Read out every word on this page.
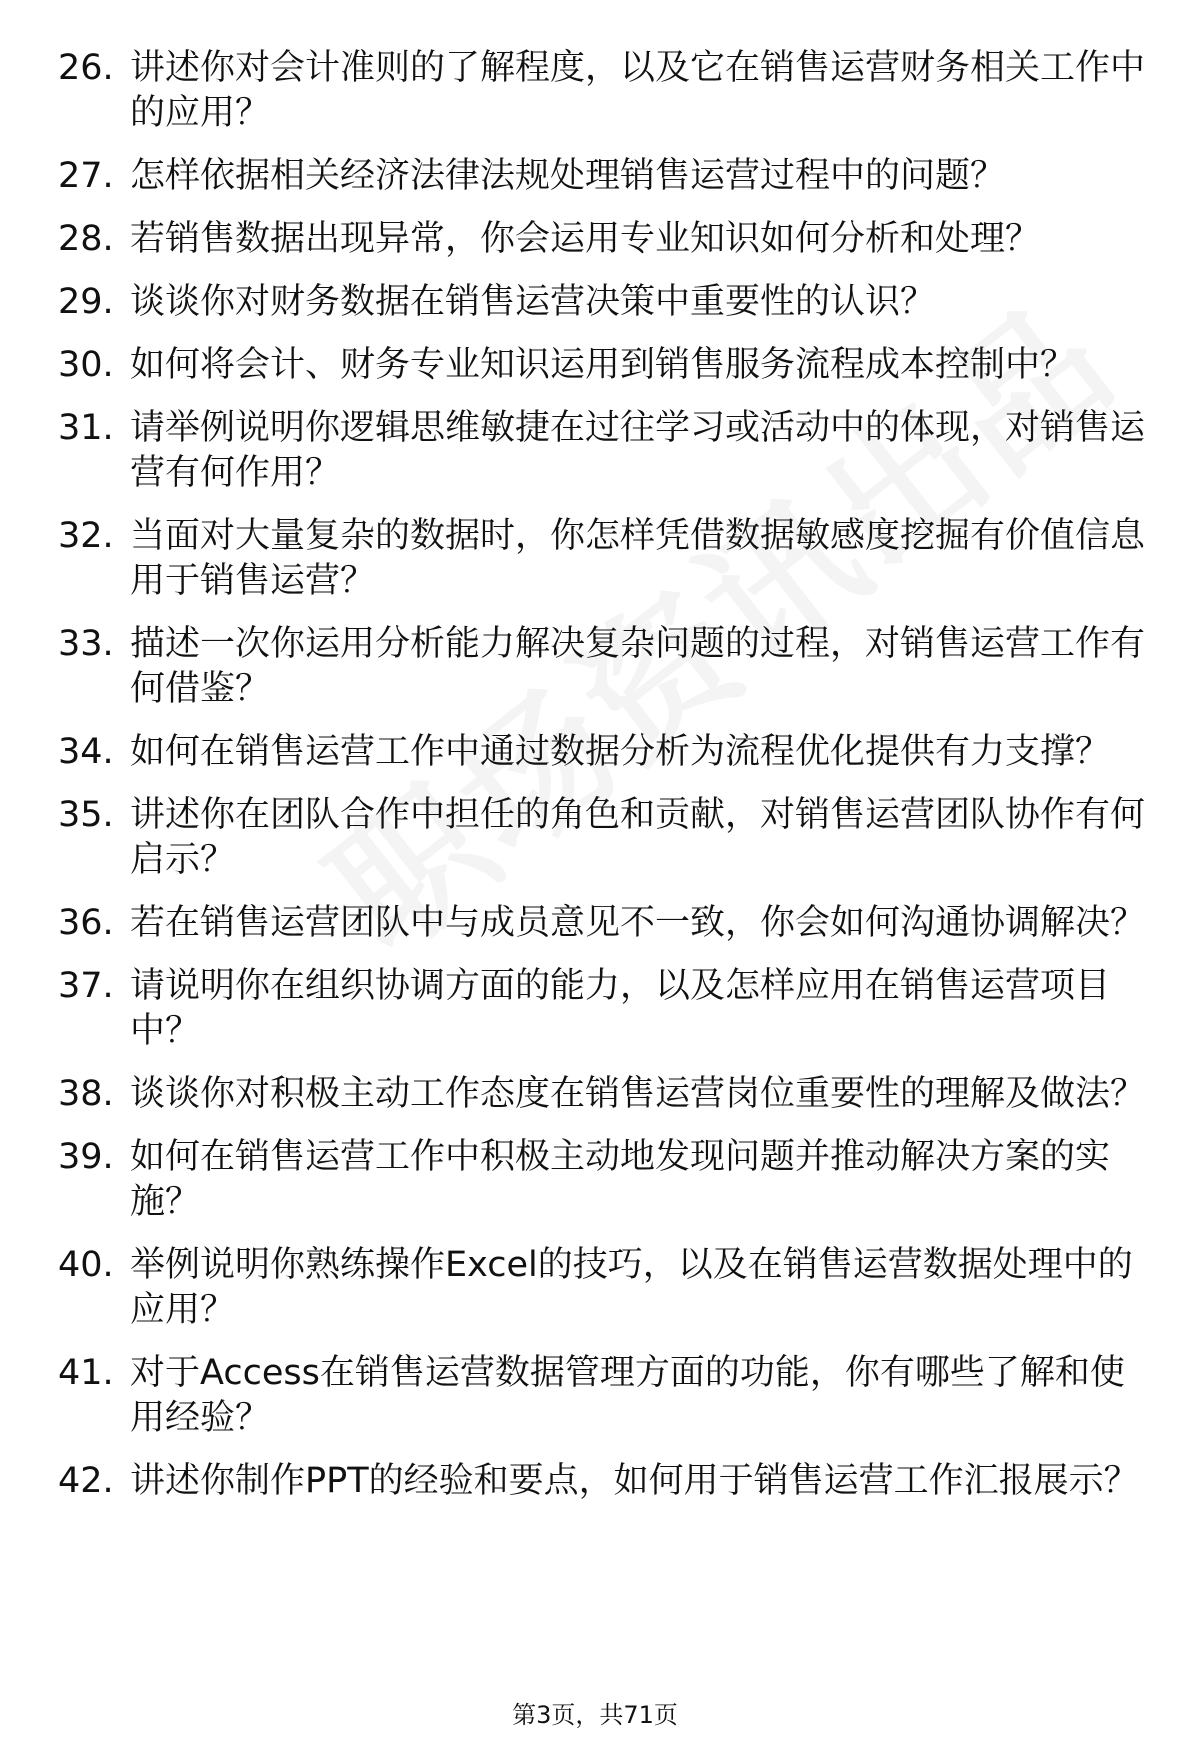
26. 讲述你对会计准则的了解程度，以及它在销售运营财务相关工作中的应用？
27. 怎样依据相关经济法律法规处理销售运营过程中的问题？
28. 若销售数据出现异常，你会运用专业知识如何分析和处理？
29. 谈谈你对财务数据在销售运营决策中重要性的认识？
30. 如何将会计、财务专业知识运用到销售服务流程成本控制中？
31. 请举例说明你逻辑思维敏捷在过往学习或活动中的体现，对销售运营有何作用？
32. 当面对大量复杂的数据时，你怎样凭借数据敏感度挖掘有价值信息用于销售运营？
33. 描述一次你运用分析能力解决复杂问题的过程，对销售运营工作有何借鉴？
34. 如何在销售运营工作中通过数据分析为流程优化提供有力支撑？
35. 讲述你在团队合作中担任的角色和贡献，对销售运营团队协作有何启示？
36. 若在销售运营团队中与成员意见不一致，你会如何沟通协调解决？
37. 请说明你在组织协调方面的能力，以及怎样应用在销售运营项目中？
38. 谈谈你对积极主动工作态度在销售运营岗位重要性的理解及做法？
39. 如何在销售运营工作中积极主动地发现问题并推动解决方案的实施？
40. 举例说明你熟练操作Excel的技巧，以及在销售运营数据处理中的应用？
41. 对于Access在销售运营数据管理方面的功能，你有哪些了解和使用经验？
42. 讲述你制作PPT的经验和要点，如何用于销售运营工作汇报展示？
第3页，共71页
